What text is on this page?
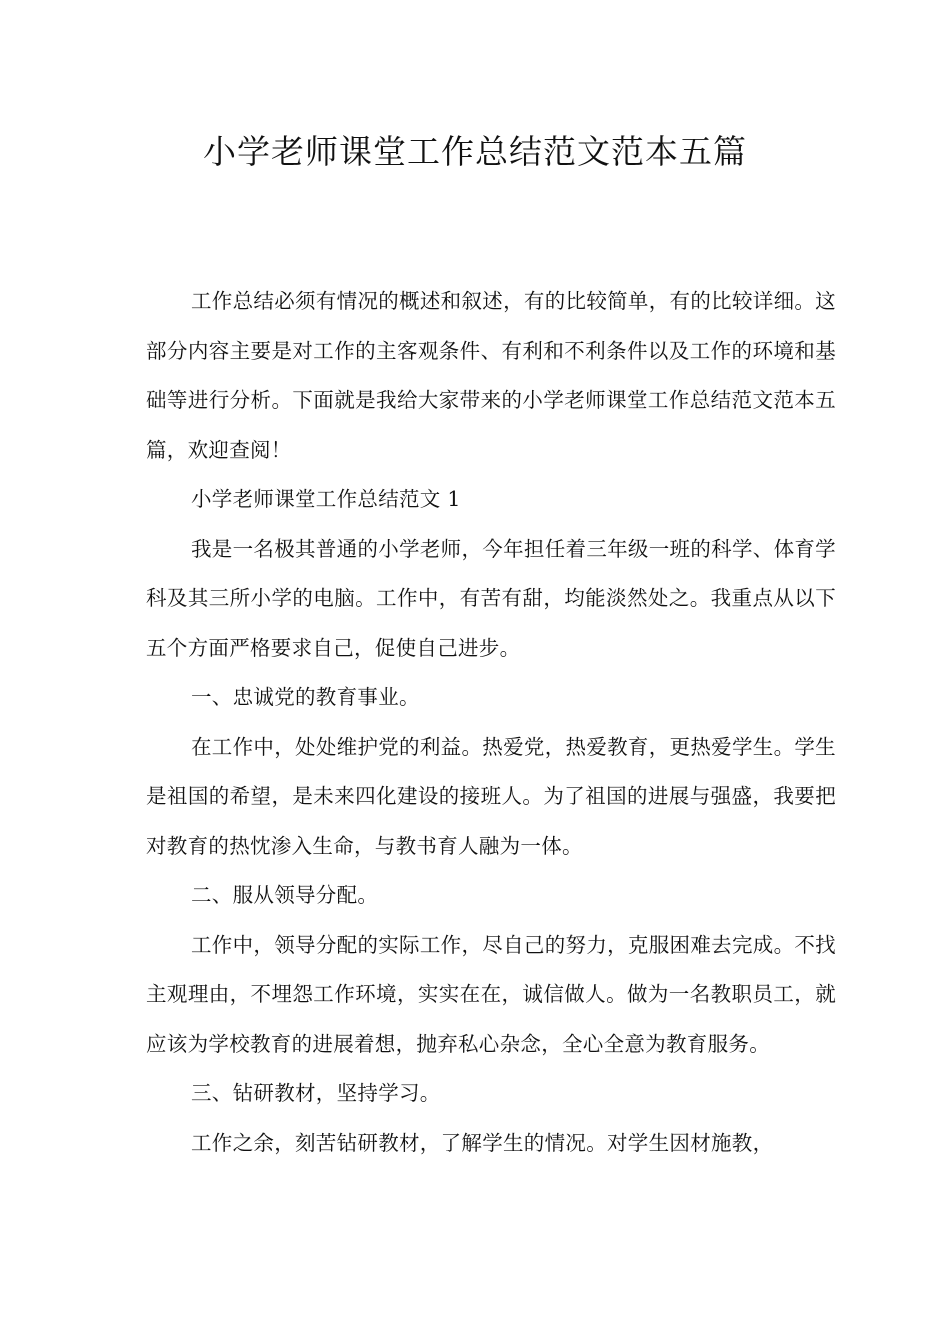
小学老师课堂工作总结范文范本五篇

工作总结必须有情况的概述和叙述，有的比较简单，有的比较详细。这部分内容主要是对工作的主客观条件、有利和不利条件以及工作的环境和基础等进行分析。下面就是我给大家带来的小学老师课堂工作总结范文范本五篇，欢迎查阅！

小学老师课堂工作总结范文 1

我是一名极其普通的小学老师，今年担任着三年级一班的科学、体育学科及其三所小学的电脑。工作中，有苦有甜，均能淡然处之。我重点从以下五个方面严格要求自己，促使自己进步。

一、忠诚党的教育事业。

在工作中，处处维护党的利益。热爱党，热爱教育，更热爱学生。学生是祖国的希望，是未来四化建设的接班人。为了祖国的进展与强盛，我要把对教育的热忱渗入生命，与教书育人融为一体。

二、服从领导分配。

工作中，领导分配的实际工作，尽自己的努力，克服困难去完成。不找主观理由，不埋怨工作环境，实实在在，诚信做人。做为一名教职员工，就应该为学校教育的进展着想，抛弃私心杂念，全心全意为教育服务。

三、钻研教材，坚持学习。

工作之余，刻苦钻研教材，了解学生的情况。对学生因材施教，
